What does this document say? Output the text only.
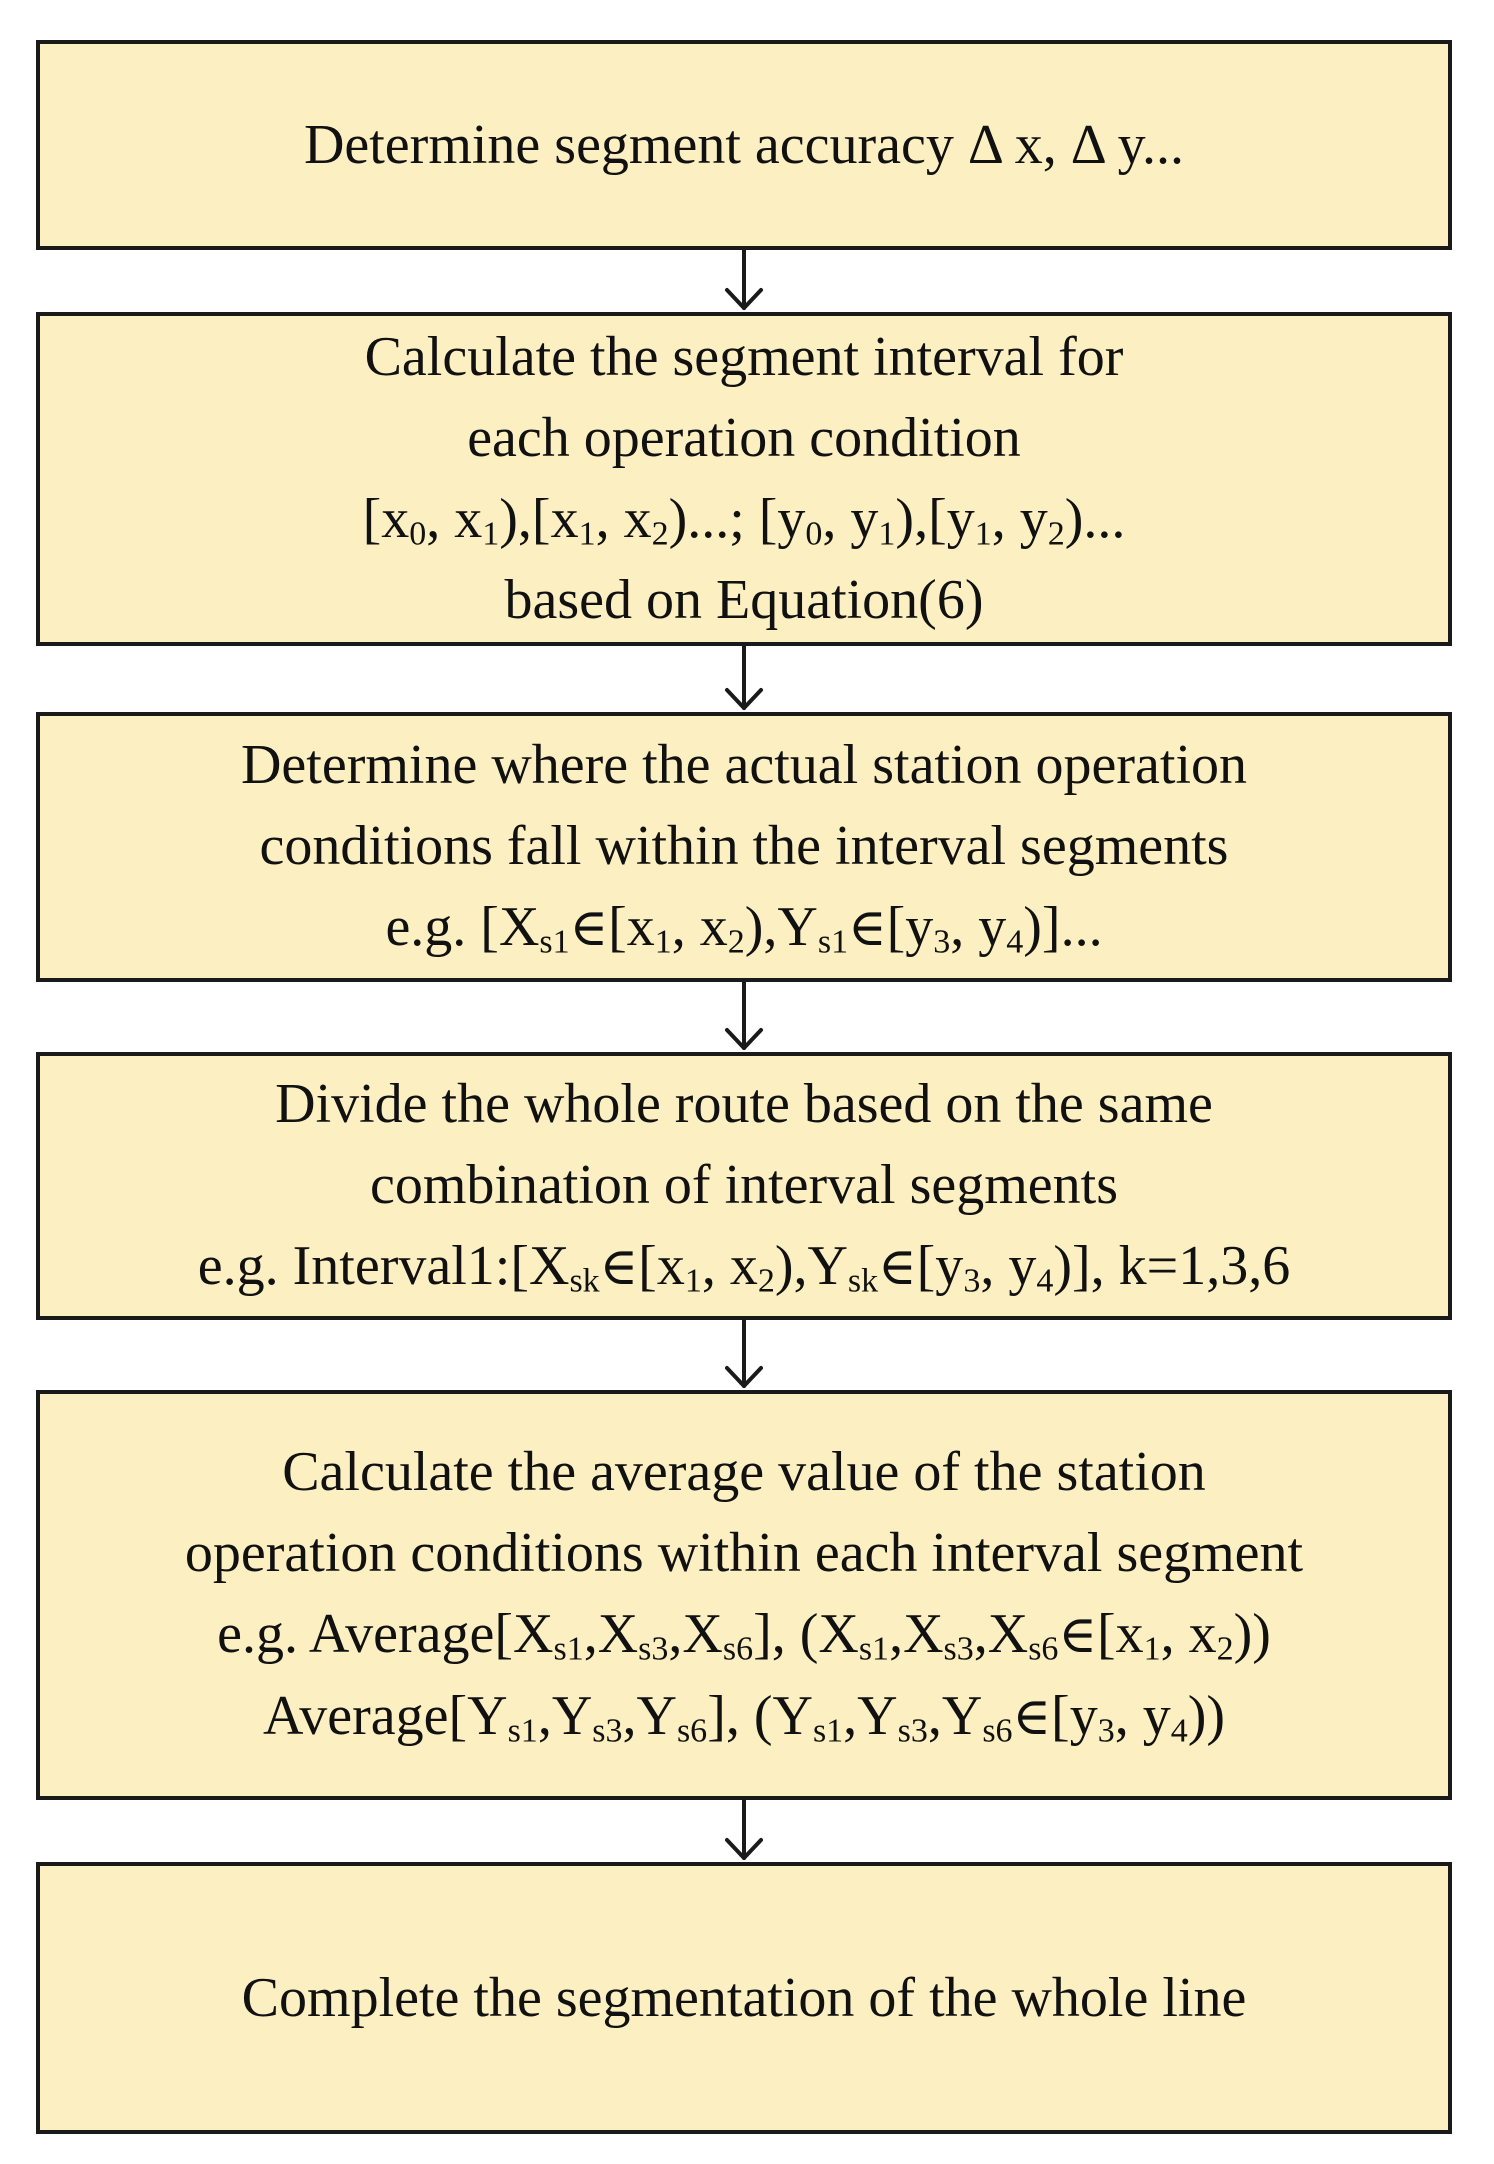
Determine segment accuracy Δ x, Δ y...
Calculate the segment interval for
each operation condition
[$x_0$, $x_1),[x_1$, $x_2$)...; [$y_0$, $y_1),[y_1$, $y_2$)...
based on Equation(6)
Determine where the actual station operation
conditions fall within the interval segments
e.g. [$X_{s1}\in[x_1$, $x_2),Y_{s1}\in[y_3$, $y_4$)]...
Divide the whole route based on the same
combination of interval segments
e.g. $Interval1:[X_{sk}\in[x_1$, $x_2),Y_{sk}\in[y_3$, $y_4$)], k=1,3,6
Calculate the average value of the station
operation conditions within each interval segment
e.g. $Average[X_{s1},X_{s3},X_{s6}]$, ($X_{s1},X_{s3},X_{s6}\in[x_1$, $x_2$))
$Average[Y_{s1},Y_{s3},Y_{s6}]$, ($Y_{s1},Y_{s3},Y_{s6}\in[y_3$, $y_4$))
Complete the segmentation of the whole line
